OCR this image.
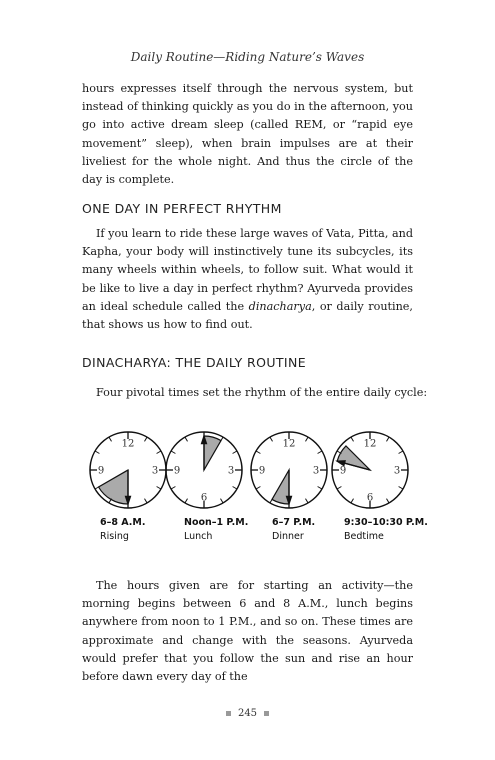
Daily Routine—Riding Nature’s Waves

hours expresses itself through the nervous system, but instead of thinking quickly as you do in the afternoon, you go into active dream sleep (called REM, or “rapid eye movement” sleep), when brain impulses are at their liveliest for the whole night. And thus the circle of the day is complete.

ONE DAY IN PERFECT RHYTHM

If you learn to ride these large waves of Vata, Pitta, and Kapha, your body will instinctively tune its subcycles, its many wheels within wheels, to follow suit. What would it be like to live a day in perfect rhythm? Ayurveda provides an ideal schedule called the dinacharya, or daily routine, that shows us how to find out.

DINACHARYA: THE DAILY ROUTINE

Four pivotal times set the rhythm of the entire daily cycle:

12
3
9	3
6
9
12
3
9
12
3
6
9
6–8 A.M.
Rising
Noon–1 P.M.
Lunch
6–7 P.M.
Dinner
9:30–10:30 P.M.
Bedtime

The hours given are for starting an activity—the morning begins between 6 and 8 A.M., lunch begins anywhere from noon to 1 P.M., and so on. These times are approximate and change with the seasons. Ayurveda would prefer that you follow the sun and rise an hour before dawn every day of the

245
